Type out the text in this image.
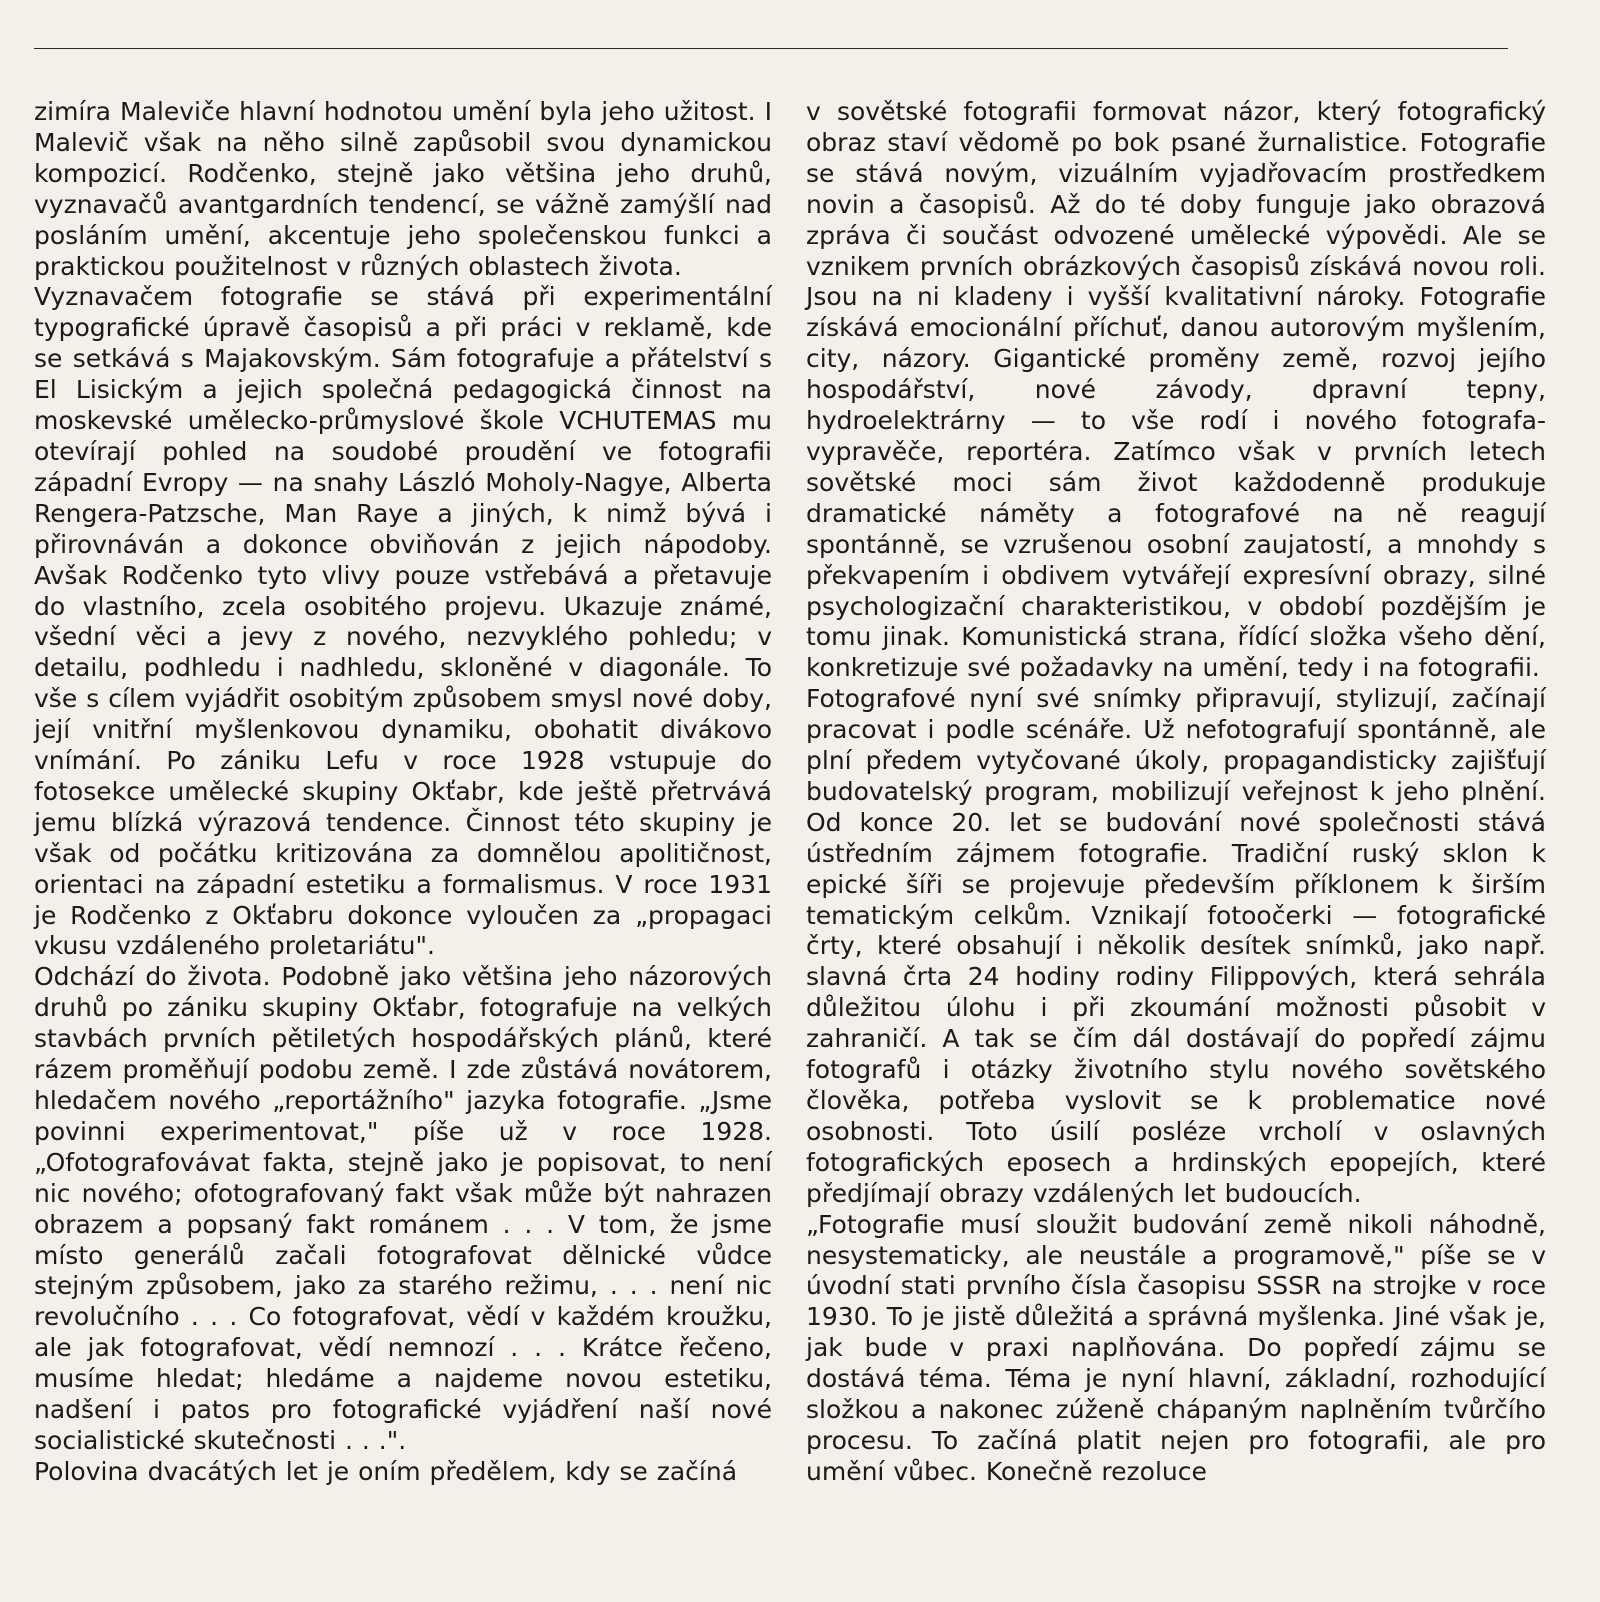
zimíra Maleviče hlavní hodnotou umění byla jeho užitost. I Malevič však na něho silně zapůsobil svou dynamickou kompozicí. Rodčenko, stejně jako většina jeho druhů, vyznavačů avantgardních tendencí, se vážně zamýšlí nad posláním umění, akcentuje jeho společenskou funkci a praktickou použitelnost v různých oblastech života.

Vyznavačem fotografie se stává při experimentální typografické úpravě časopisů a při práci v reklamě, kde se setkává s Majakovským. Sám fotografuje a přátelství s El Lisickým a jejich společná pedagogická činnost na moskevské umělecko-průmyslové škole VCHUTEMAS mu otevírají pohled na soudobé proudění ve fotografii západní Evropy — na snahy László Moholy-Nagye, Alberta Rengera-Patzsche, Man Raye a jiných, k nimž bývá i přirovnáván a dokonce obviňován z jejich nápodoby. Avšak Rodčenko tyto vlivy pouze vstřebává a přetavuje do vlastního, zcela osobitého projevu. Ukazuje známé, všední věci a jevy z nového, nezvyklého pohledu; v detailu, podhledu i nadhledu, skloněné v diagonále. To vše s cílem vyjádřit osobitým způsobem smysl nové doby, její vnitřní myšlenkovou dynamiku, obohatit divákovo vnímání. Po zániku Lefu v roce 1928 vstupuje do fotosekce umělecké skupiny Okťabr, kde ještě přetrvává jemu blízká výrazová tendence. Činnost této skupiny je však od počátku kritizována za domnělou apolitičnost, orientaci na západní estetiku a formalismus. V roce 1931 je Rodčenko z Okťabru dokonce vyloučen za „propagaci vkusu vzdáleného proletariátu".

Odchází do života. Podobně jako většina jeho názorových druhů po zániku skupiny Okťabr, fotografuje na velkých stavbách prvních pětiletých hospodářských plánů, které rázem proměňují podobu země. I zde zůstává novátorem, hledačem nového „reportážního" jazyka fotografie. „Jsme povinni experimentovat," píše už v roce 1928. „Ofotografovávat fakta, stejně jako je popisovat, to není nic nového; ofotografovaný fakt však může být nahrazen obrazem a popsaný fakt románem . . . V tom, že jsme místo generálů začali fotografovat dělnické vůdce stejným způsobem, jako za starého režimu, . . . není nic revolučního . . . Co fotografovat, vědí v každém kroužku, ale jak fotografovat, vědí nemnozí . . . Krátce řečeno, musíme hledat; hledáme a najdeme novou estetiku, nadšení i patos pro fotografické vyjádření naší nové socialistické skutečnosti . . .".

Polovina dvacátých let je oním předělem, kdy se začíná

v sovětské fotografii formovat názor, který fotografický obraz staví vědomě po bok psané žurnalistice. Fotografie se stává novým, vizuálním vyjadřovacím prostředkem novin a časopisů. Až do té doby funguje jako obrazová zpráva či součást odvozené umělecké výpovědi. Ale se vznikem prvních obrázkových časopisů získává novou roli. Jsou na ni kladeny i vyšší kvalitativní nároky. Fotografie získává emocionální příchuť, danou autorovým myšlením, city, názory. Gigantické proměny země, rozvoj jejího hospodářství, nové závody, dpravní tepny, hydroelektrárny — to vše rodí i nového fotografa-vypravěče, reportéra. Zatímco však v prvních letech sovětské moci sám život každodenně produkuje dramatické náměty a fotografové na ně reagují spontánně, se vzrušenou osobní zaujatostí, a mnohdy s překvapením i obdivem vytvářejí expresívní obrazy, silné psychologizační charakteristikou, v období pozdějším je tomu jinak. Komunistická strana, řídící složka všeho dění, konkretizuje své požadavky na umění, tedy i na fotografii.

Fotografové nyní své snímky připravují, stylizují, začínají pracovat i podle scénáře. Už nefotografují spontánně, ale plní předem vytyčované úkoly, propagandisticky zajišťují budovatelský program, mobilizují veřejnost k jeho plnění. Od konce 20. let se budování nové společnosti stává ústředním zájmem fotografie. Tradiční ruský sklon k epické šíři se projevuje především příklonem k širším tematickým celkům. Vznikají fotoočerki — fotografické črty, které obsahují i několik desítek snímků, jako např. slavná črta 24 hodiny rodiny Filippových, která sehrála důležitou úlohu i při zkoumání možnosti působit v zahraničí. A tak se čím dál dostávají do popředí zájmu fotografů i otázky životního stylu nového sovětského člověka, potřeba vyslovit se k problematice nové osobnosti. Toto úsilí posléze vrcholí v oslavných fotografických eposech a hrdinských epopejích, které předjímají obrazy vzdálených let budoucích.

„Fotografie musí sloužit budování země nikoli náhodně, nesystematicky, ale neustále a programově," píše se v úvodní stati prvního čísla časopisu SSSR na strojke v roce 1930. To je jistě důležitá a správná myšlenka. Jiné však je, jak bude v praxi naplňována. Do popředí zájmu se dostává téma. Téma je nyní hlavní, základní, rozhodující složkou a nakonec zúženě chápaným naplněním tvůrčího procesu. To začíná platit nejen pro fotografii, ale pro umění vůbec. Konečně rezoluce
